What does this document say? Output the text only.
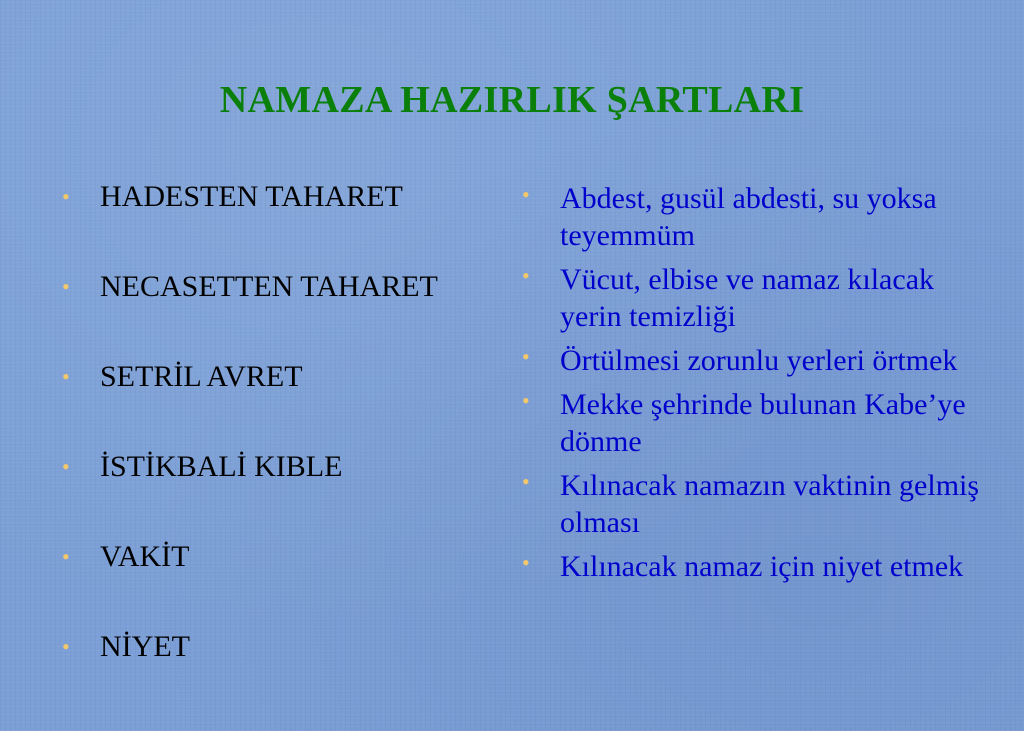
NAMAZA HAZIRLIK ŞARTLARI
• HADESTEN TAHARET
• NECASETTEN TAHARET
• SETRİL AVRET
• İSTİKBALİ KIBLE
• VAKİT
• NİYET
• Abdest, gusül abdesti, su yoksa teyemmüm
• Vücut, elbise ve namaz kılacak yerin temizliği
• Örtülmesi zorunlu yerleri örtmek
• Mekke şehrinde bulunan Kabe’ye dönme
• Kılınacak namazın vaktinin gelmiş olması
• Kılınacak namaz için niyet etmek
